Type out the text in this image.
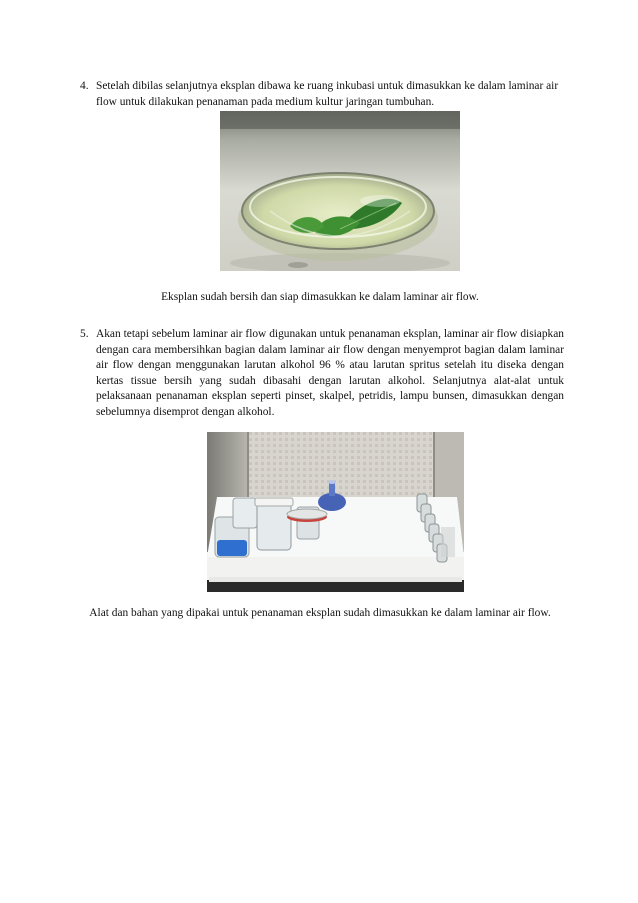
4. Setelah dibilas selanjutnya eksplan dibawa ke ruang inkubasi untuk dimasukkan ke dalam laminar air flow untuk dilakukan penanaman pada medium kultur jaringan tumbuhan.
Eksplan sudah bersih dan siap dimasukkan ke dalam laminar air flow.
5. Akan tetapi sebelum laminar air flow digunakan untuk penanaman eksplan, laminar air flow disiapkan dengan cara membersihkan bagian dalam laminar air flow dengan menyemprot bagian dalam laminar air flow dengan menggunakan larutan alkohol 96 % atau larutan spritus setelah itu diseka dengan kertas tissue bersih yang sudah dibasahi dengan larutan alkohol. Selanjutnya alat-alat untuk pelaksanaan penanaman eksplan seperti pinset, skalpel, petridis, lampu bunsen, dimasukkan dengan sebelumnya disemprot dengan alkohol.
Alat dan bahan yang dipakai untuk penanaman eksplan sudah dimasukkan ke dalam laminar air flow.
